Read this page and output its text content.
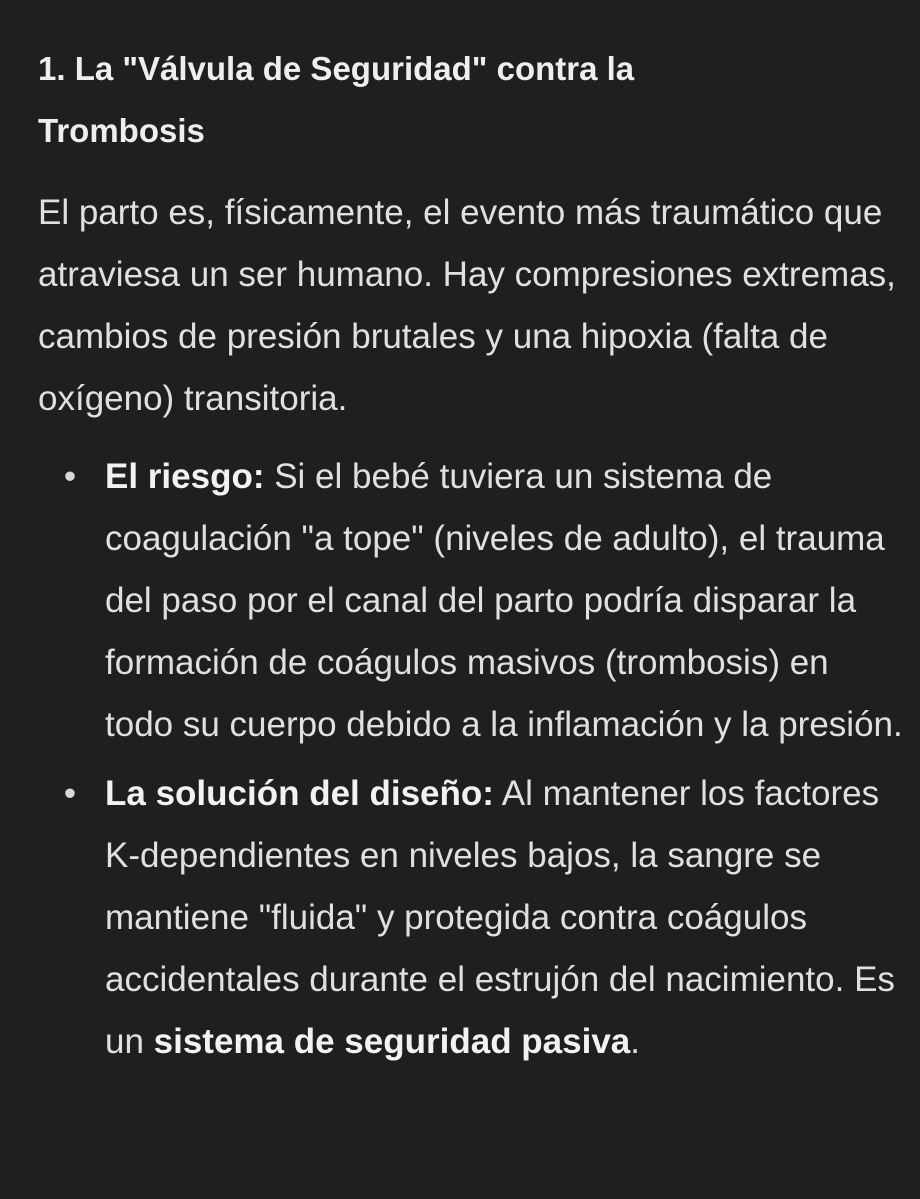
1. La "Válvula de Seguridad" contra la Trombosis

El parto es, físicamente, el evento más traumático que atraviesa un ser humano. Hay compresiones extremas, cambios de presión brutales y una hipoxia (falta de oxígeno) transitoria.

• El riesgo: Si el bebé tuviera un sistema de coagulación "a tope" (niveles de adulto), el trauma del paso por el canal del parto podría disparar la formación de coágulos masivos (trombosis) en todo su cuerpo debido a la inflamación y la presión.
• La solución del diseño: Al mantener los factores K-dependientes en niveles bajos, la sangre se mantiene "fluida" y protegida contra coágulos accidentales durante el estrujón del nacimiento. Es un sistema de seguridad pasiva.
